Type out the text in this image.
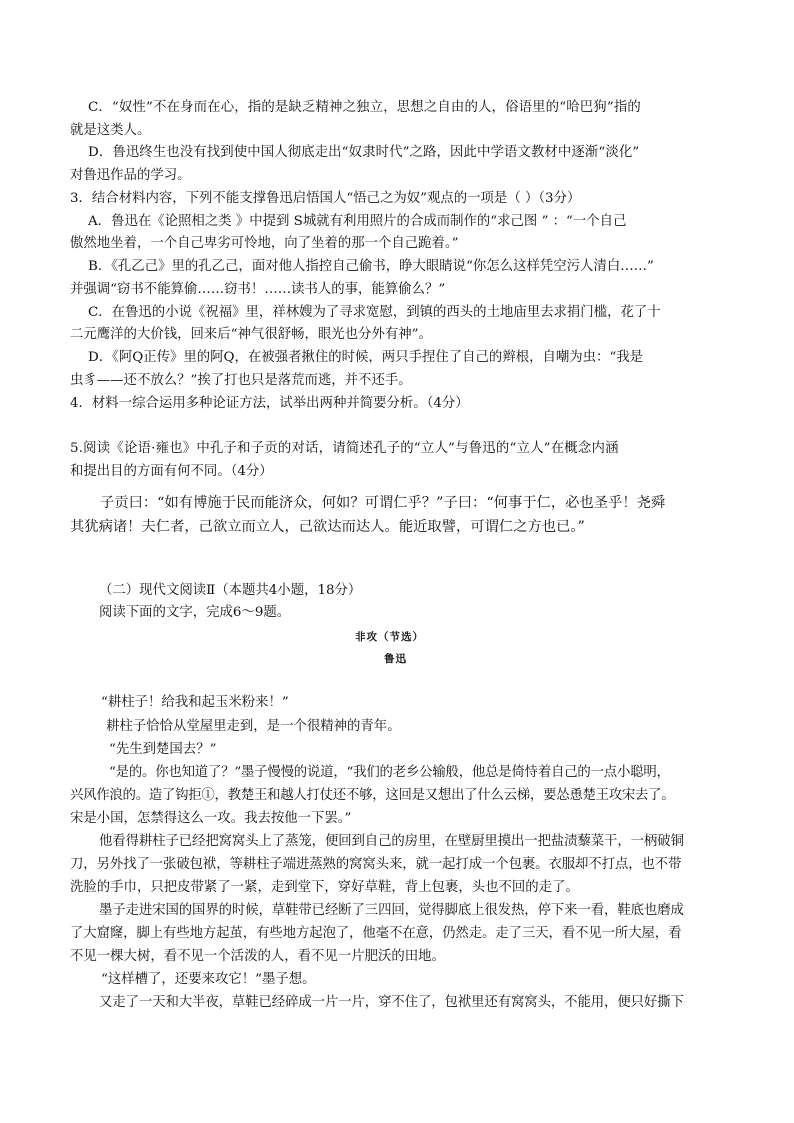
C．“奴性”不在身而在心，指的是缺乏精神之独立，思想之自由的人，俗语里的“哈巴狗”指的
就是这类人。
D．鲁迅终生也没有找到使中国人彻底走出“奴隶时代”之路，因此中学语文教材中逐渐“淡化”
对鲁迅作品的学习。
3．结合材料内容，下列不能支撑鲁迅启悟国人“悟己之为奴”观点的一项是（ ）（3分）
A．鲁迅在《论照相之类 》中提到 S城就有利用照片的合成而制作的“求己图 ” ：“一个自己
傲然地坐着，一个自己卑劣可怜地，向了坐着的那一个自己跪着。”
B．《孔乙己》里的孔乙己，面对他人指控自己偷书，睁大眼睛说“你怎么这样凭空污人清白……”
并强调“窃书不能算偷……窃书！……读书人的事，能算偷么？”
C．在鲁迅的小说《祝福》里，祥林嫂为了寻求宽慰，到镇的西头的土地庙里去求捐门槛，花了十
二元鹰洋的大价钱，回来后“神气很舒畅，眼光也分外有神”。
D．《阿Q正传》里的阿Q，在被强者揪住的时候，两只手捏住了自己的辫根，自嘲为虫：“我是
虫豸——还不放么？”挨了打也只是落荒而逃，并不还手。
4．材料一综合运用多种论证方法，试举出两种并简要分析。（4分）
5.阅读《论语·雍也》中孔子和子贡的对话，请简述孔子的“立人”与鲁迅的“立人”在概念内涵
和提出目的方面有何不同。（4分）
子贡曰：“如有博施于民而能济众，何如？可谓仁乎？”子曰：“何事于仁，必也圣乎！尧舜
其犹病诸！夫仁者，己欲立而立人，己欲达而达人。能近取譬，可谓仁之方也已。”
（二）现代文阅读Ⅱ（本题共4小题，18分）
阅读下面的文字，完成6～9题。
非攻（节选）
鲁迅
“耕柱子！给我和起玉米粉来！”
耕柱子恰恰从堂屋里走到，是一个很精神的青年。
“先生到楚国去？”
“是的。你也知道了？”墨子慢慢的说道，“我们的老乡公输般，他总是倚恃着自己的一点小聪明，
兴风作浪的。造了钩拒①，教楚王和越人打仗还不够，这回是又想出了什么云梯，要怂恿楚王攻宋去了。
宋是小国，怎禁得这么一攻。我去按他一下罢。”
他看得耕柱子已经把窝窝头上了蒸笼，便回到自己的房里，在壁厨里摸出一把盐渍藜菜干，一柄破铜
刀，另外找了一张破包袱，等耕柱子端进蒸熟的窝窝头来，就一起打成一个包裹。衣服却不打点，也不带
洗脸的手巾，只把皮带紧了一紧，走到堂下，穿好草鞋，背上包裹，头也不回的走了。
墨子走进宋国的国界的时候，草鞋带已经断了三四回，觉得脚底上很发热，停下来一看，鞋底也磨成
了大窟窿，脚上有些地方起茧，有些地方起泡了，他毫不在意，仍然走。走了三天，看不见一所大屋，看
不见一棵大树，看不见一个活泼的人，看不见一片肥沃的田地。
“这样槽了，还要来攻它！”墨子想。
又走了一天和大半夜，草鞋已经碎成一片一片，穿不住了，包袱里还有窝窝头，不能用，便只好撕下
